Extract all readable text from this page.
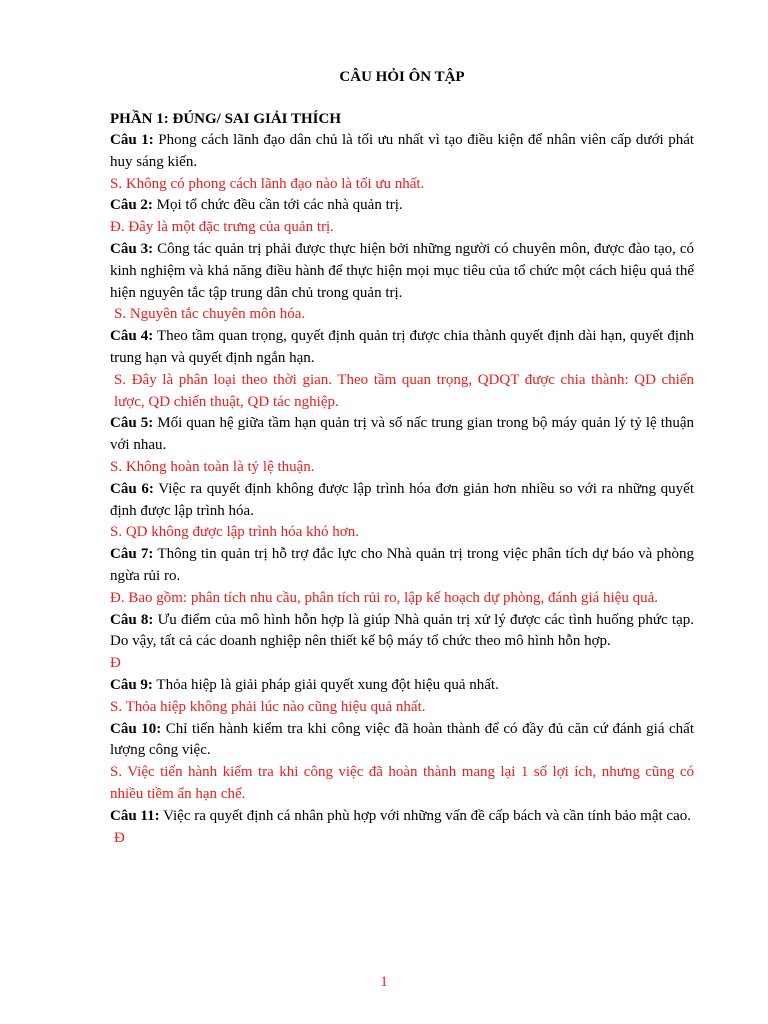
CÂU HỎI ÔN TẬP
PHẦN 1: ĐÚNG/ SAI GIẢI THÍCH

Câu 1: Phong cách lãnh đạo dân chủ là tối ưu nhất vì tạo điều kiện để nhân viên cấp dưới phát huy sáng kiến.

S. Không có phong cách lãnh đạo nào là tối ưu nhất.

Câu 2: Mọi tổ chức đều cần tới các nhà quản trị.

Đ. Đây là một đặc trưng của quản trị.

Câu 3: Công tác quản trị phải được thực hiện bởi những người có chuyên môn, được đào tạo, có kinh nghiệm và khả năng điều hành để thực hiện mọi mục tiêu của tổ chức một cách hiệu quả thể hiện nguyên tắc tập trung dân chủ trong quản trị.

S. Nguyên tắc chuyên môn hóa.

Câu 4: Theo tầm quan trọng, quyết định quản trị được chia thành quyết định dài hạn, quyết định trung hạn và quyết định ngắn hạn.

S. Đây là phân loại theo thời gian. Theo tầm quan trọng, QDQT được chia thành: QD chiến lược, QD chiến thuật, QD tác nghiệp.

Câu 5: Mối quan hệ giữa tầm hạn quản trị và số nấc trung gian trong bộ máy quản lý tỷ lệ thuận với nhau.

S. Không hoàn toàn là tỷ lệ thuận.

Câu 6: Việc ra quyết định không được lập trình hóa đơn giản hơn nhiều so với ra những quyết định được lập trình hóa.

S. QD không được lập trình hóa khó hơn.

Câu 7: Thông tin quản trị hỗ trợ đắc lực cho Nhà quản trị trong việc phân tích dự báo và phòng ngừa rủi ro.

Đ. Bao gồm: phân tích nhu cầu, phân tích rủi ro, lập kế hoạch dự phòng, đánh giá hiệu quả.

Câu 8: Ưu điểm của mô hình hỗn hợp là giúp Nhà quản trị xử lý được các tình huống phức tạp. Do vậy, tất cả các doanh nghiệp nên thiết kế bộ máy tổ chức theo mô hình hỗn hợp.

Đ

Câu 9: Thỏa hiệp là giải pháp giải quyết xung đột hiệu quả nhất.

S. Thỏa hiệp không phải lúc nào cũng hiệu quả nhất.

Câu 10: Chỉ tiến hành kiểm tra khi công việc đã hoàn thành để có đầy đủ căn cứ đánh giá chất lượng công việc.

S. Việc tiến hành kiểm tra khi công việc đã hoàn thành mang lại 1 số lợi ích, nhưng cũng có nhiều tiềm ẩn hạn chế.

Câu 11: Việc ra quyết định cá nhân phù hợp với những vấn đề cấp bách và cần tính bảo mật cao.

Đ

1
